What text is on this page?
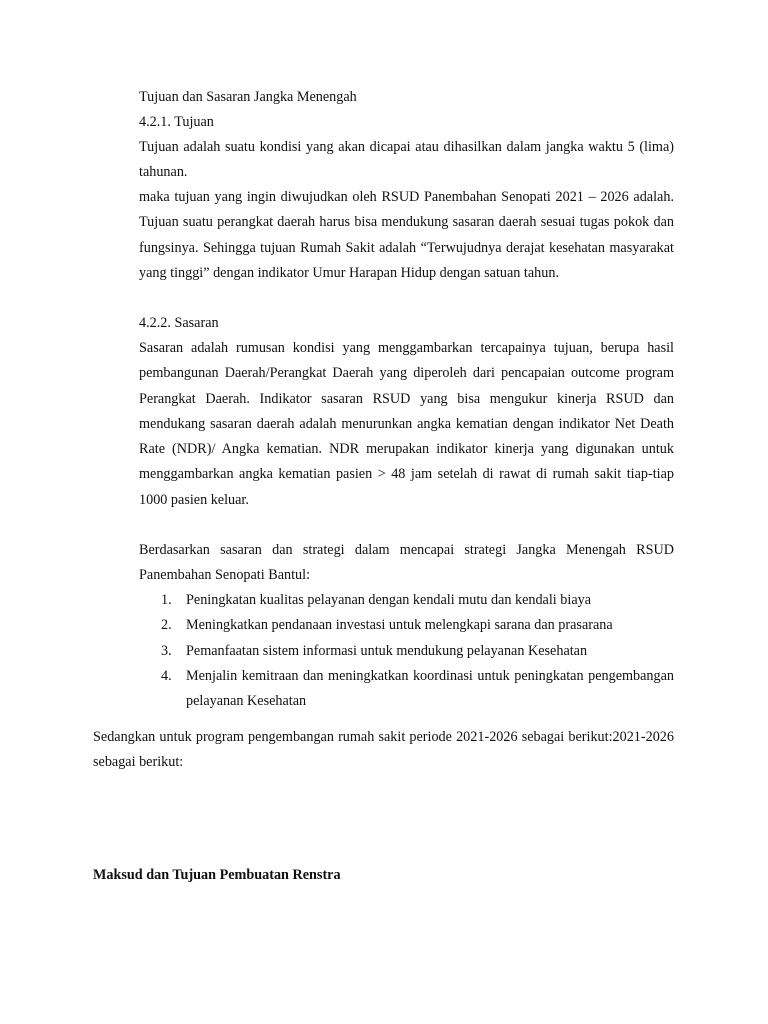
Tujuan dan Sasaran Jangka Menengah

4.2.1. Tujuan

Tujuan adalah suatu kondisi yang akan dicapai atau dihasilkan dalam jangka waktu 5 (lima) tahunan.

maka tujuan yang ingin diwujudkan oleh RSUD Panembahan Senopati 2021 – 2026 adalah. Tujuan suatu perangkat daerah harus bisa mendukung sasaran daerah sesuai tugas pokok dan fungsinya. Sehingga tujuan Rumah Sakit adalah “Terwujudnya derajat kesehatan masyarakat yang tinggi” dengan indikator Umur Harapan Hidup dengan satuan tahun.

4.2.2. Sasaran

Sasaran adalah rumusan kondisi yang menggambarkan tercapainya tujuan, berupa hasil pembangunan Daerah/Perangkat Daerah yang diperoleh dari pencapaian outcome program Perangkat Daerah. Indikator sasaran RSUD yang bisa mengukur kinerja RSUD dan mendukang sasaran daerah adalah menurunkan angka kematian dengan indikator Net Death Rate (NDR)/ Angka kematian. NDR merupakan indikator kinerja yang digunakan untuk menggambarkan angka kematian pasien > 48 jam setelah di rawat di rumah sakit tiap-tiap 1000 pasien keluar.

Berdasarkan sasaran dan strategi dalam mencapai strategi Jangka Menengah RSUD Panembahan Senopati Bantul:

1.	Peningkatan kualitas pelayanan dengan kendali mutu dan kendali biaya
2.	Meningkatkan pendanaan investasi untuk melengkapi sarana dan prasarana
3.	Pemanfaatan sistem informasi untuk mendukung pelayanan Kesehatan
4.	Menjalin kemitraan dan meningkatkan koordinasi untuk peningkatan pengembangan pelayanan Kesehatan

Sedangkan untuk program pengembangan rumah sakit periode 2021-2026 sebagai berikut:2021-2026 sebagai berikut:

Maksud dan Tujuan Pembuatan Renstra
